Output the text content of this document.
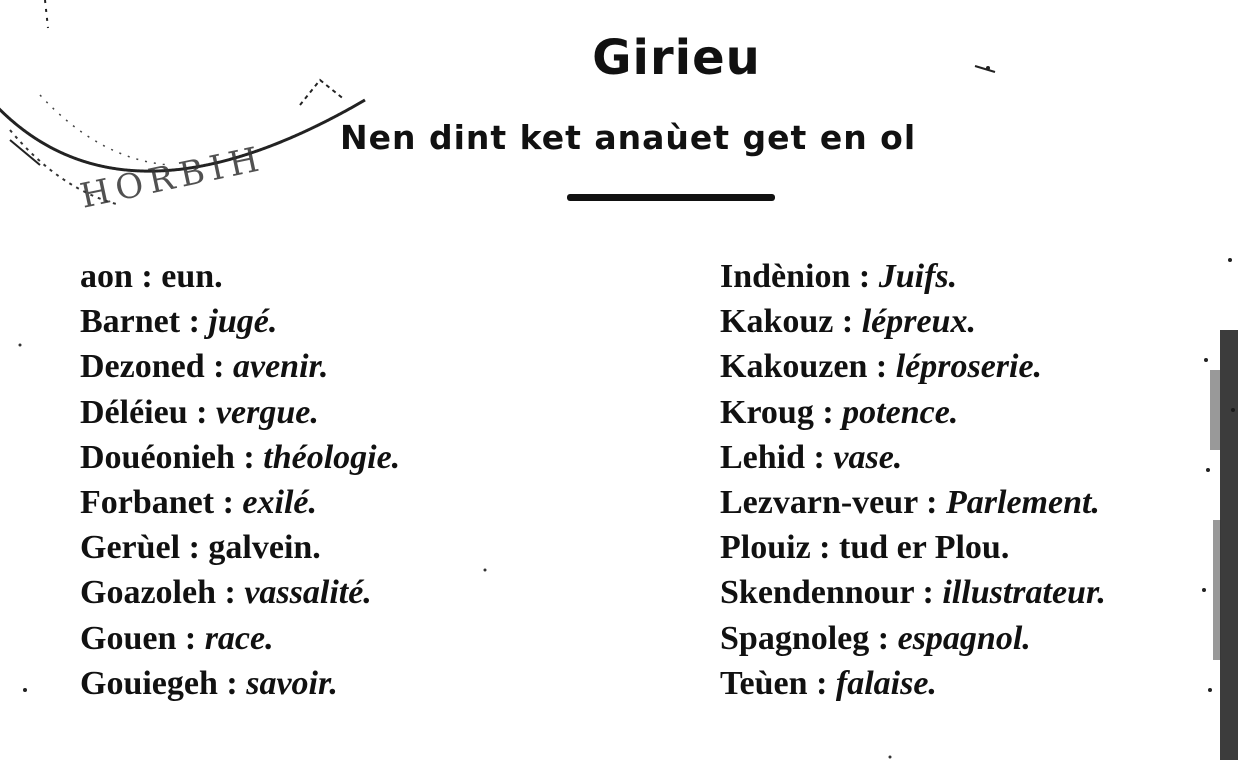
HORBIH
Girieu
Nen dint ket anaùet get en ol
aon : eun.
Barnet : jugé.
Dezoned : avenir.
Déléieu : vergue.
Douéonieh : théologie.
Forbanet : exilé.
Gerùel : galvein.
Goazoleh : vassalité.
Gouen : race.
Gouiegeh : savoir.
Indènion : Juifs.
Kakouz : lépreux.
Kakouzen : léproserie.
Kroug : potence.
Lehid : vase.
Lezvarn-veur : Parlement.
Plouiz : tud er Plou.
Skendennour : illustrateur.
Spagnoleg : espagnol.
Teùen : falaise.
